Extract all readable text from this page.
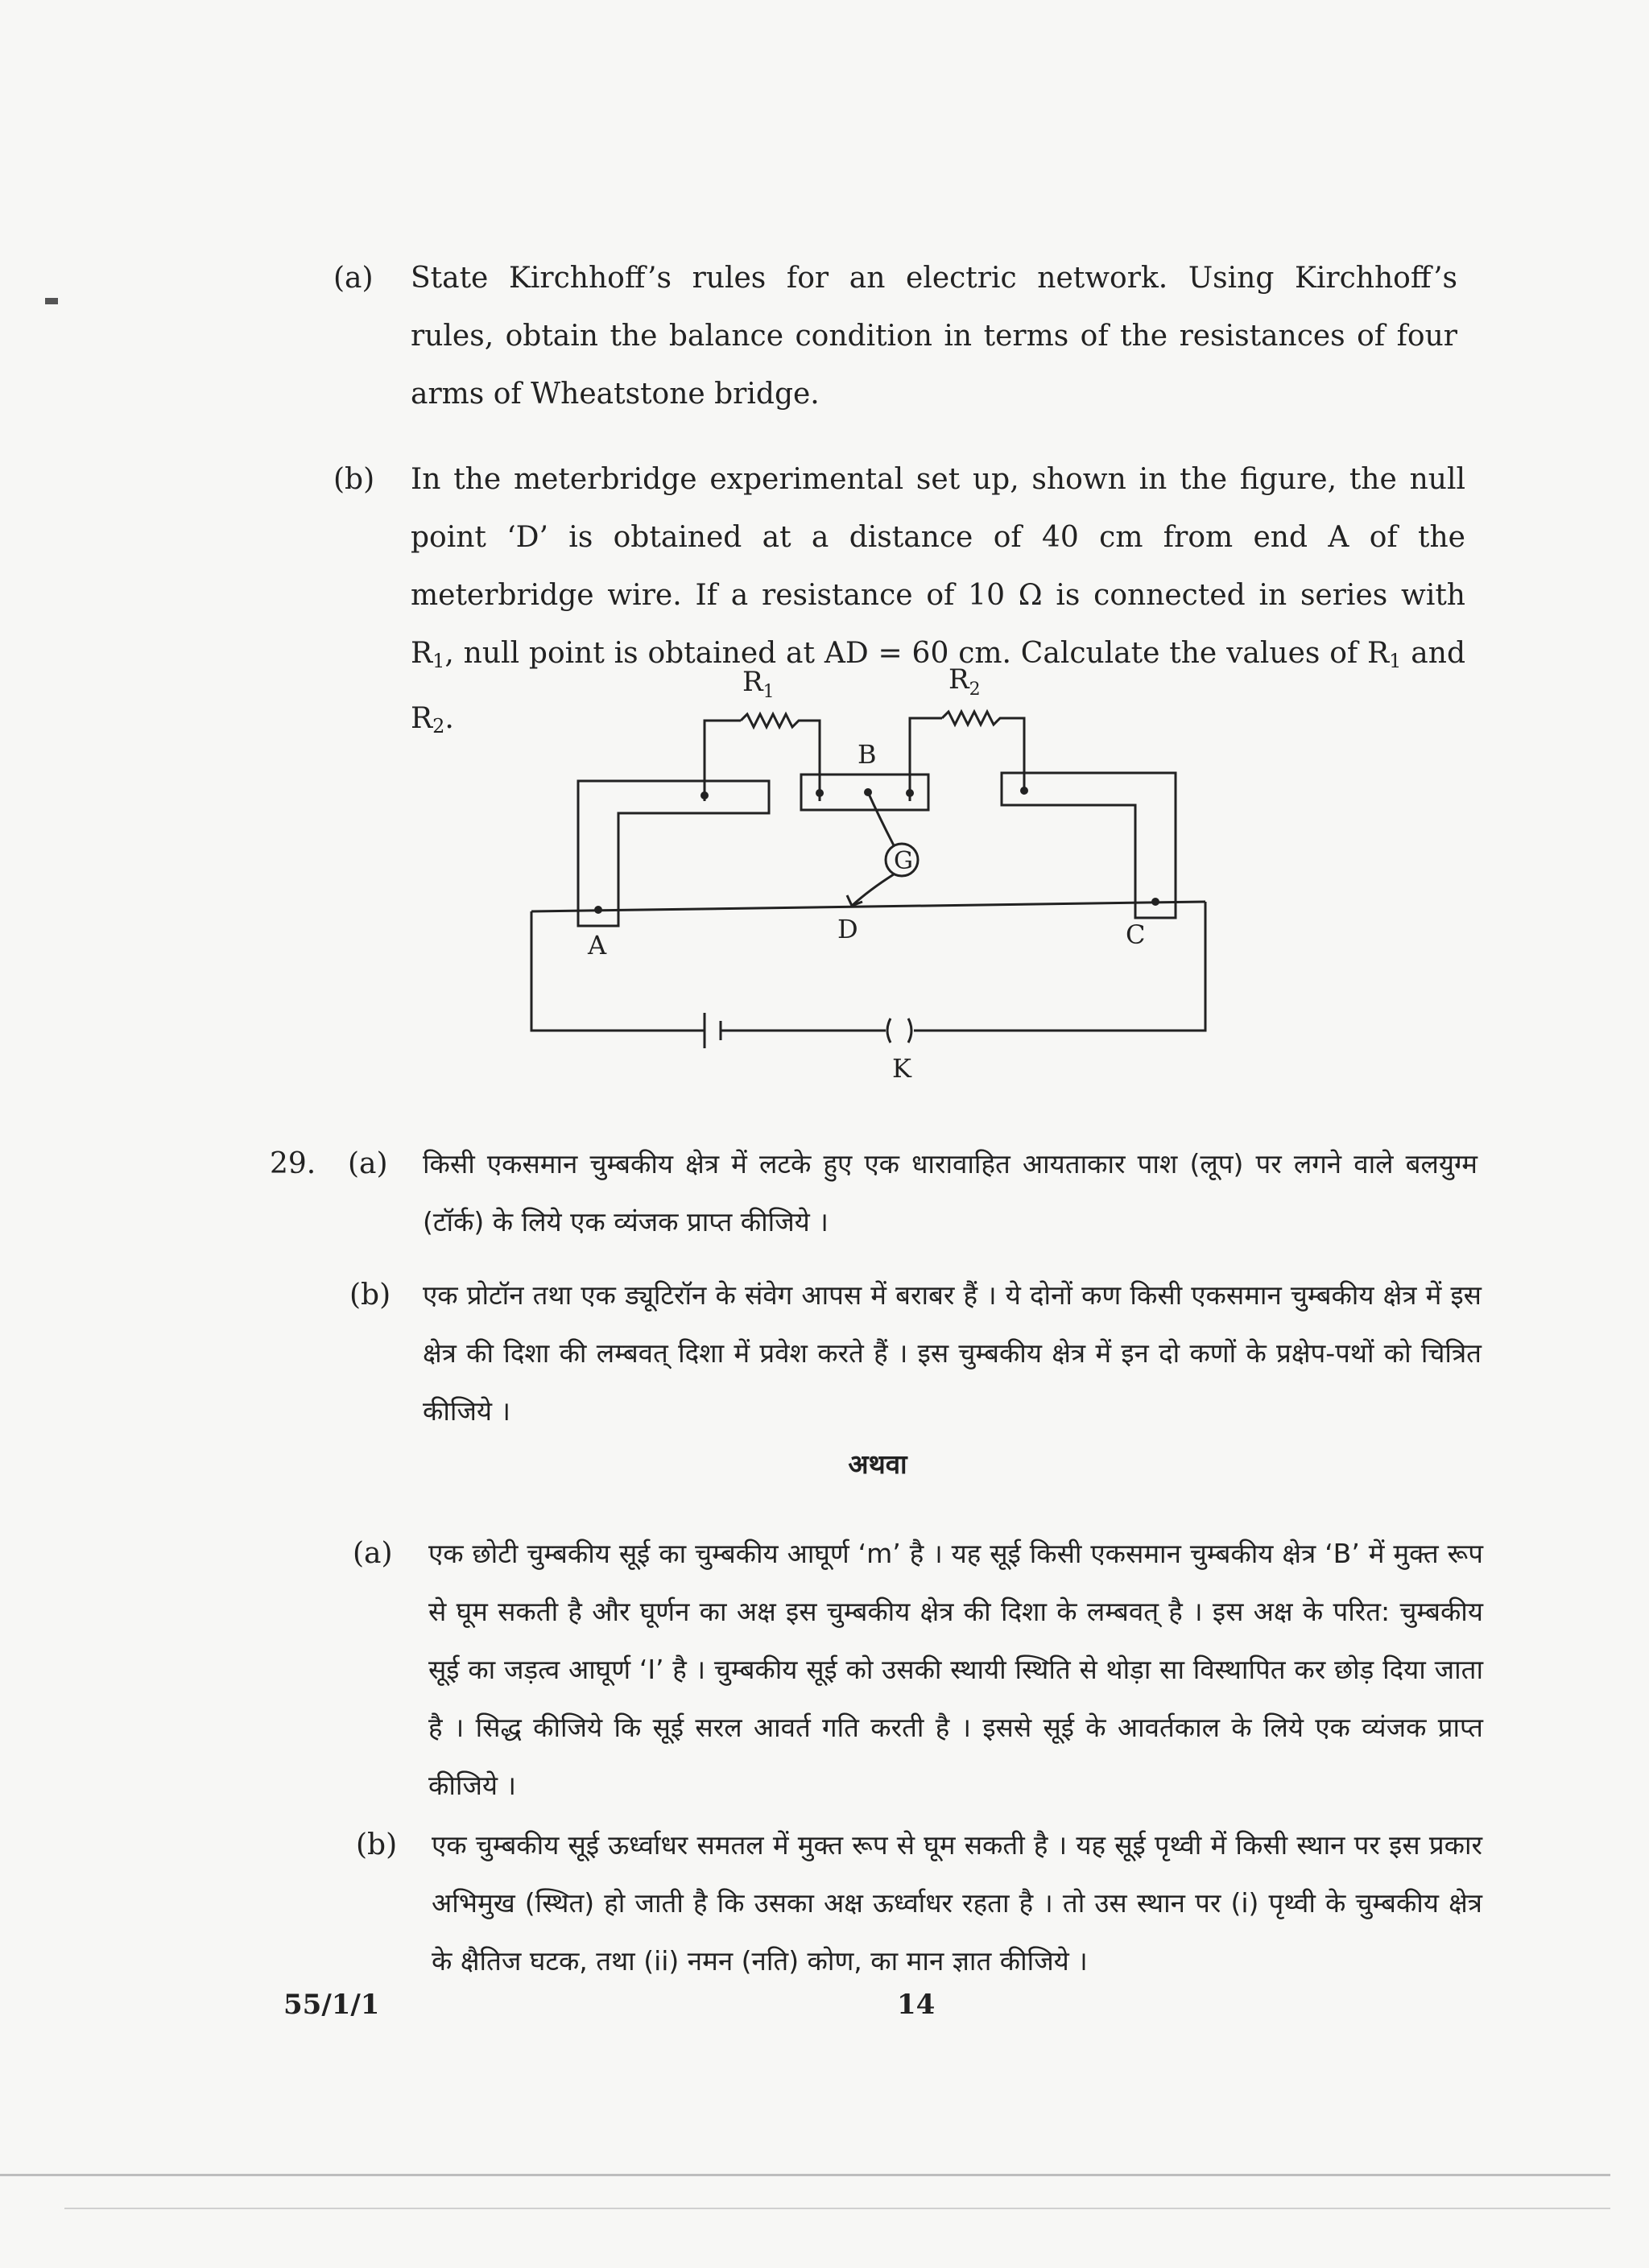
(a) State Kirchhoff’s rules for an electric network. Using Kirchhoff’s rules, obtain the balance condition in terms of the resistances of four arms of Wheatstone bridge.
(b) In the meterbridge experimental set up, shown in the figure, the null point ‘D’ is obtained at a distance of 40 cm from end A of the meterbridge wire. If a resistance of 10 Ω is connected in series with $R_1$, null point is obtained at AD = 60 cm. Calculate the values of $R_1$ and $R_2$.
$R_1$	$R_2$
B
G
D
A	C
K
29. (a) किसी एकसमान चुम्बकीय क्षेत्र में लटके हुए एक धारावाहित आयताकार पाश (लूप) पर लगने वाले बलयुग्म (टॉर्क) के लिये एक व्यंजक प्राप्त कीजिये ।
(b) एक प्रोटॉन तथा एक ड्यूटिरॉन के संवेग आपस में बराबर हैं । ये दोनों कण किसी एकसमान चुम्बकीय क्षेत्र में इस क्षेत्र की दिशा की लम्बवत् दिशा में प्रवेश करते हैं । इस चुम्बकीय क्षेत्र में इन दो कणों के प्रक्षेप-पथों को चित्रित कीजिये ।
अथवा
(a) एक छोटी चुम्बकीय सूई का चुम्बकीय आघूर्ण ‘m’ है । यह सूई किसी एकसमान चुम्बकीय क्षेत्र ‘B’ में मुक्त रूप से घूम सकती है और घूर्णन का अक्ष इस चुम्बकीय क्षेत्र की दिशा के लम्बवत् है । इस अक्ष के परित: चुम्बकीय सूई का जड़त्व आघूर्ण ‘I’ है । चुम्बकीय सूई को उसकी स्थायी स्थिति से थोड़ा सा विस्थापित कर छोड़ दिया जाता है । सिद्ध कीजिये कि सूई सरल आवर्त गति करती है । इससे सूई के आवर्तकाल के लिये एक व्यंजक प्राप्त कीजिये ।
(b) एक चुम्बकीय सूई ऊर्ध्वाधर समतल में मुक्त रूप से घूम सकती है । यह सूई पृथ्वी में किसी स्थान पर इस प्रकार अभिमुख (स्थित) हो जाती है कि उसका अक्ष ऊर्ध्वाधर रहता है । तो उस स्थान पर (i) पृथ्वी के चुम्बकीय क्षेत्र के क्षैतिज घटक, तथा (ii) नमन (नति) कोण, का मान ज्ञात कीजिये ।
55/1/1	14
